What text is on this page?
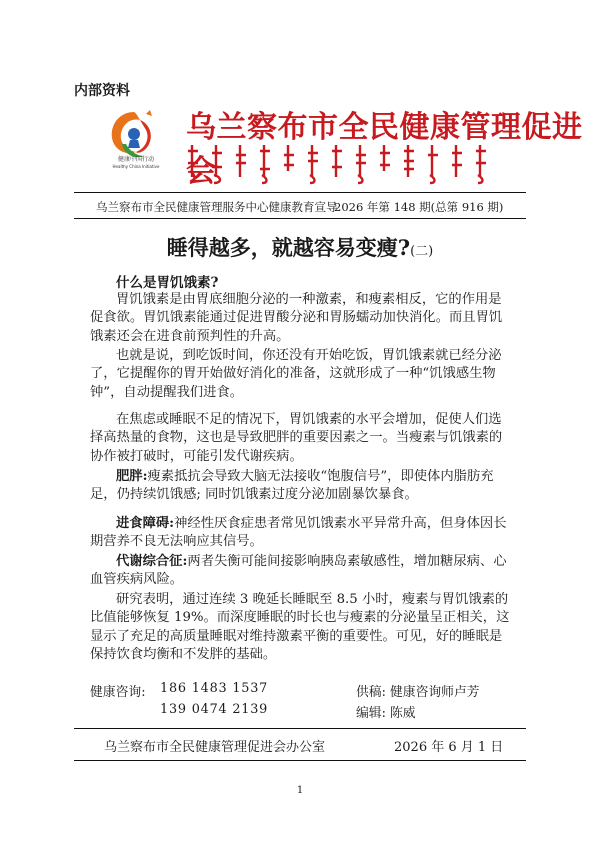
内部资料
健康中国行动
Healthy China Initiative
乌兰察布市全民健康管理促进会
乌兰察布市全民健康管理服务中心健康教育宣导
2026 年第 148 期(总第 916 期)
睡得越多，就越容易变瘦?(二)
什么是胃饥饿素?
胃饥饿素是由胃底细胞分泌的一种激素，和瘦素相反，它的作用是促食欲。胃饥饿素能通过促进胃酸分泌和胃肠蠕动加快消化。而且胃饥饿素还会在进食前预判性的升高。
也就是说，到吃饭时间，你还没有开始吃饭，胃饥饿素就已经分泌了，它提醒你的胃开始做好消化的准备，这就形成了一种“饥饿感生物钟”，自动提醒我们进食。
在焦虑或睡眠不足的情况下，胃饥饿素的水平会增加，促使人们选择高热量的食物，这也是导致肥胖的重要因素之一。当瘦素与饥饿素的协作被打破时，可能引发代谢疾病。
肥胖:瘦素抵抗会导致大脑无法接收“饱腹信号”，即使体内脂肪充足，仍持续饥饿感; 同时饥饿素过度分泌加剧暴饮暴食。
进食障碍:神经性厌食症患者常见饥饿素水平异常升高，但身体因长期营养不良无法响应其信号。
代谢综合征:两者失衡可能间接影响胰岛素敏感性，增加糖尿病、心血管疾病风险。
研究表明，通过连续 3 晚延长睡眠至 8.5 小时，瘦素与胃饥饿素的比值能够恢复 19%。而深度睡眠的时长也与瘦素的分泌量呈正相关，这显示了充足的高质量睡眠对维持激素平衡的重要性。可见，好的睡眠是保持饮食均衡和不发胖的基础。
健康咨询: 186 1483 1537
139 0474 2139
供稿: 健康咨询师卢芳
编辑: 陈威
乌兰察布市全民健康管理促进会办公室	2026 年 6 月 1 日
1
